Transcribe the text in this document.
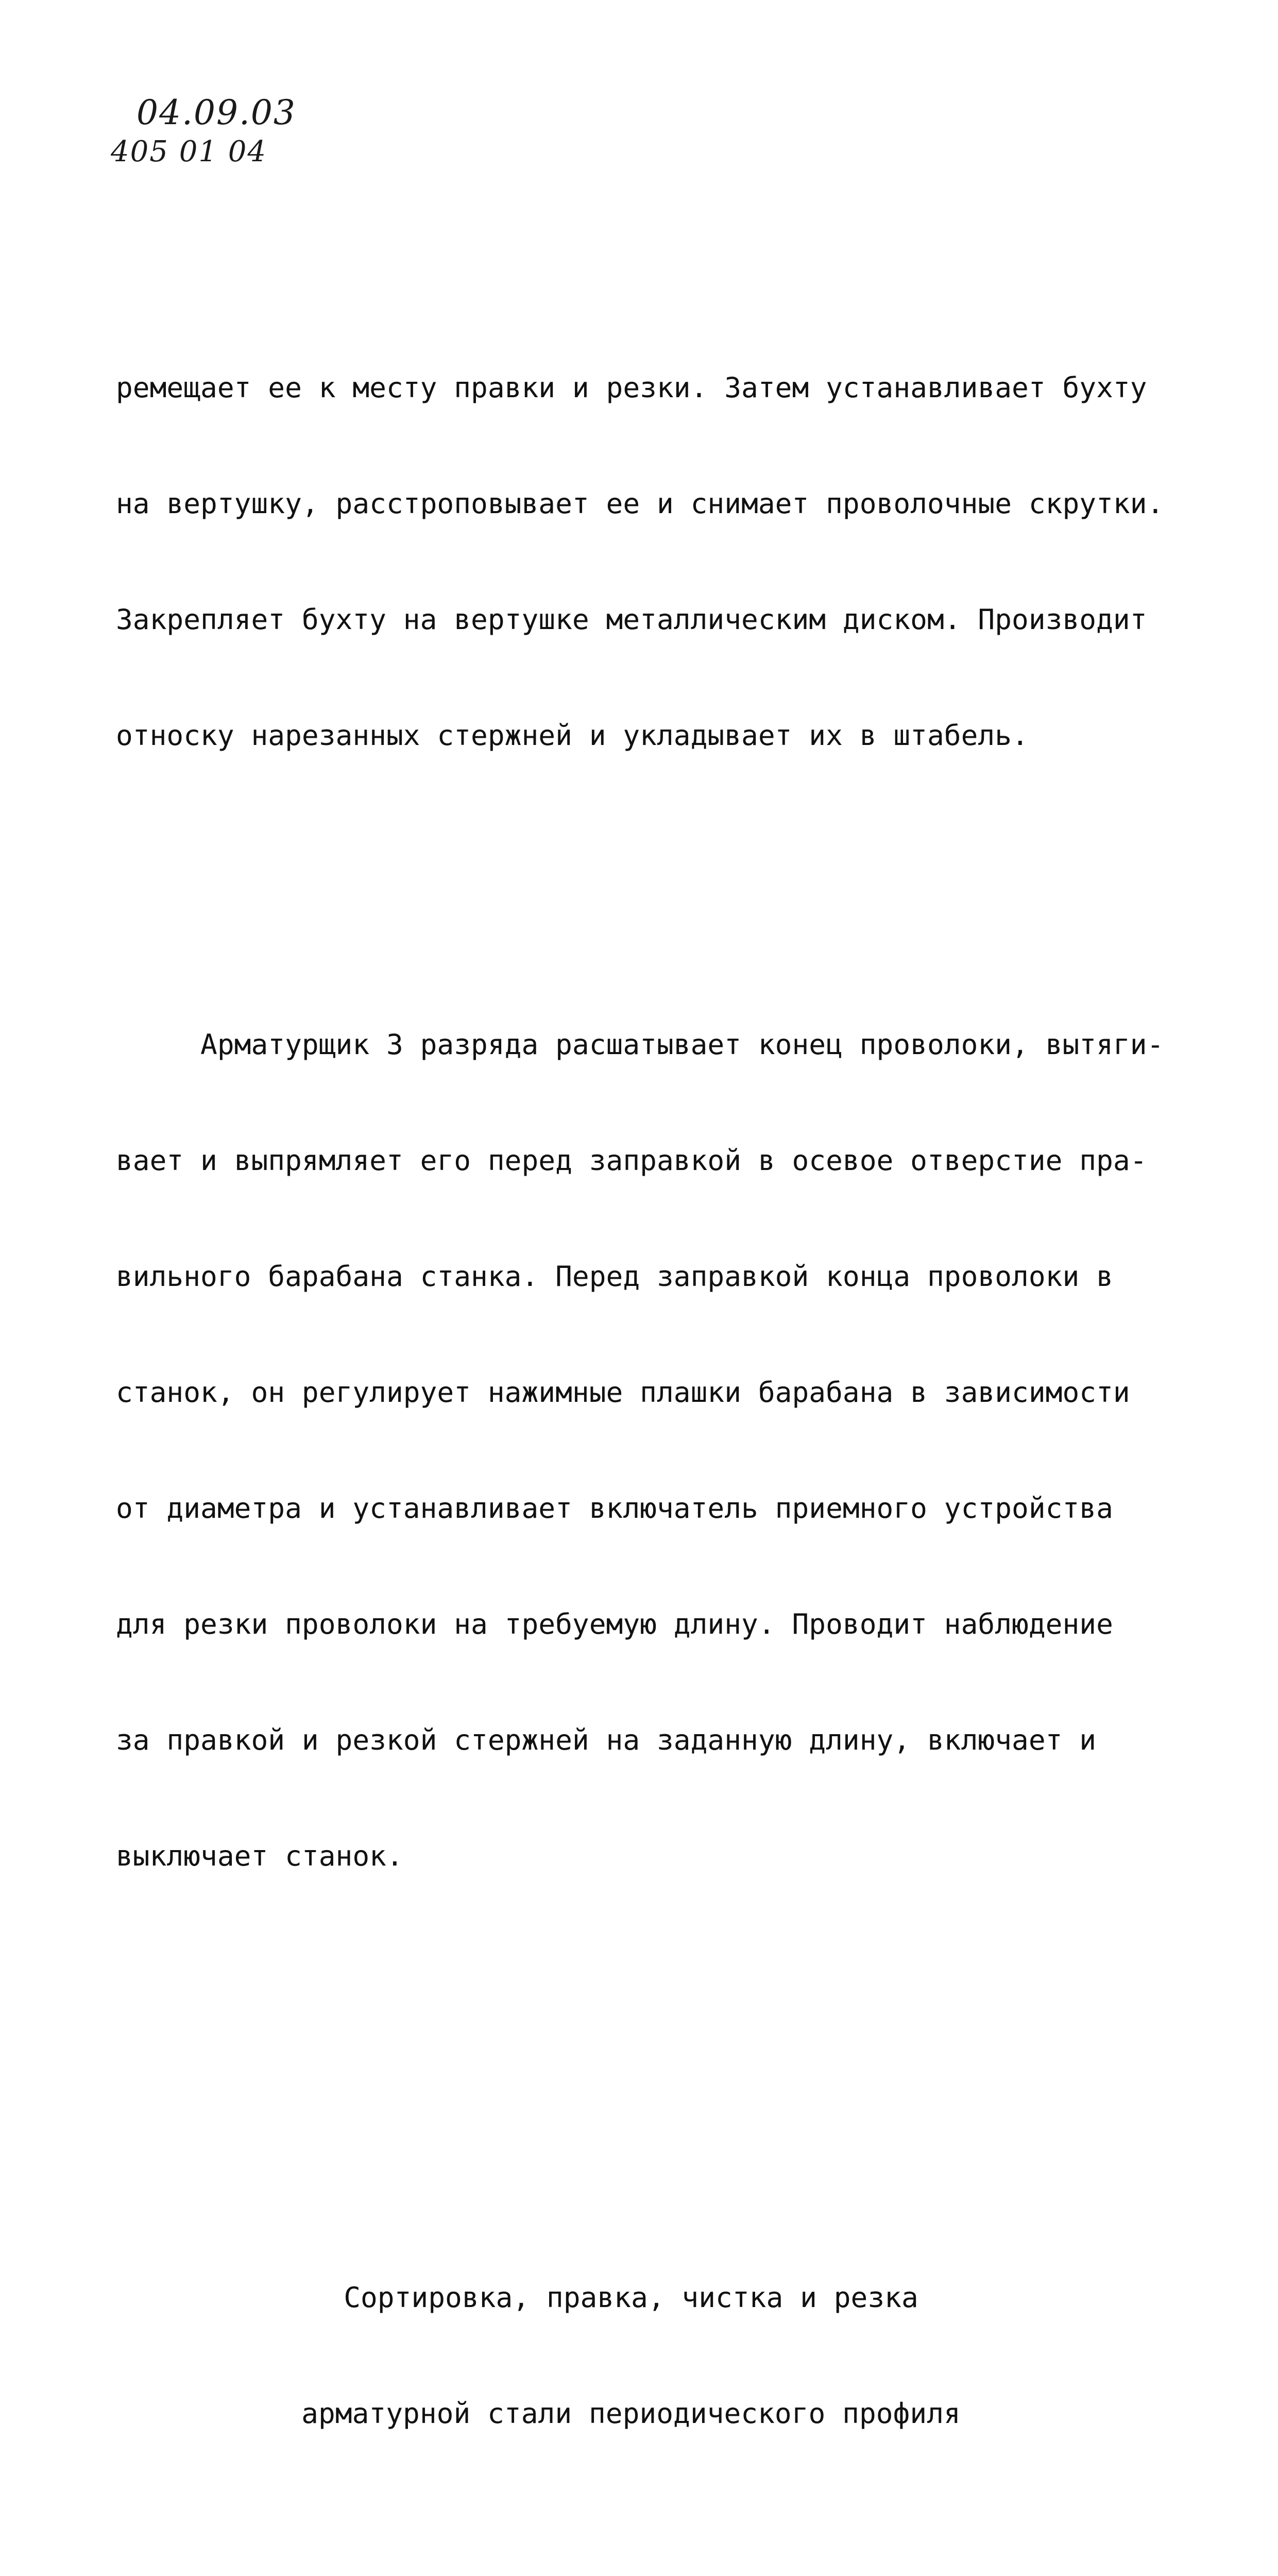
04.09.03
405 01 04

ремещает ее к месту правки и резки. Затем устанавливает бухту

на вертушку, расстроповывает ее и снимает проволочные скрутки.

Закрепляет бухту на вертушке металлическим диском. Производит

относку нарезанных стержней и укладывает их в штабель.

Арматурщик 3 разряда расшатывает конец проволоки, вытяги-

вает и выпрямляет его перед заправкой в осевое отверстие пра-

вильного барабана станка. Перед заправкой конца проволоки в

станок, он регулирует нажимные плашки барабана в зависимости

от диаметра и устанавливает включатель приемного устройства

для резки проволоки на требуемую длину. Проводит наблюдение

за правкой и резкой стержней на заданную длину, включает и

выключает станок.

Сортировка, правка, чистка и резка

арматурной стали периодического профиля
